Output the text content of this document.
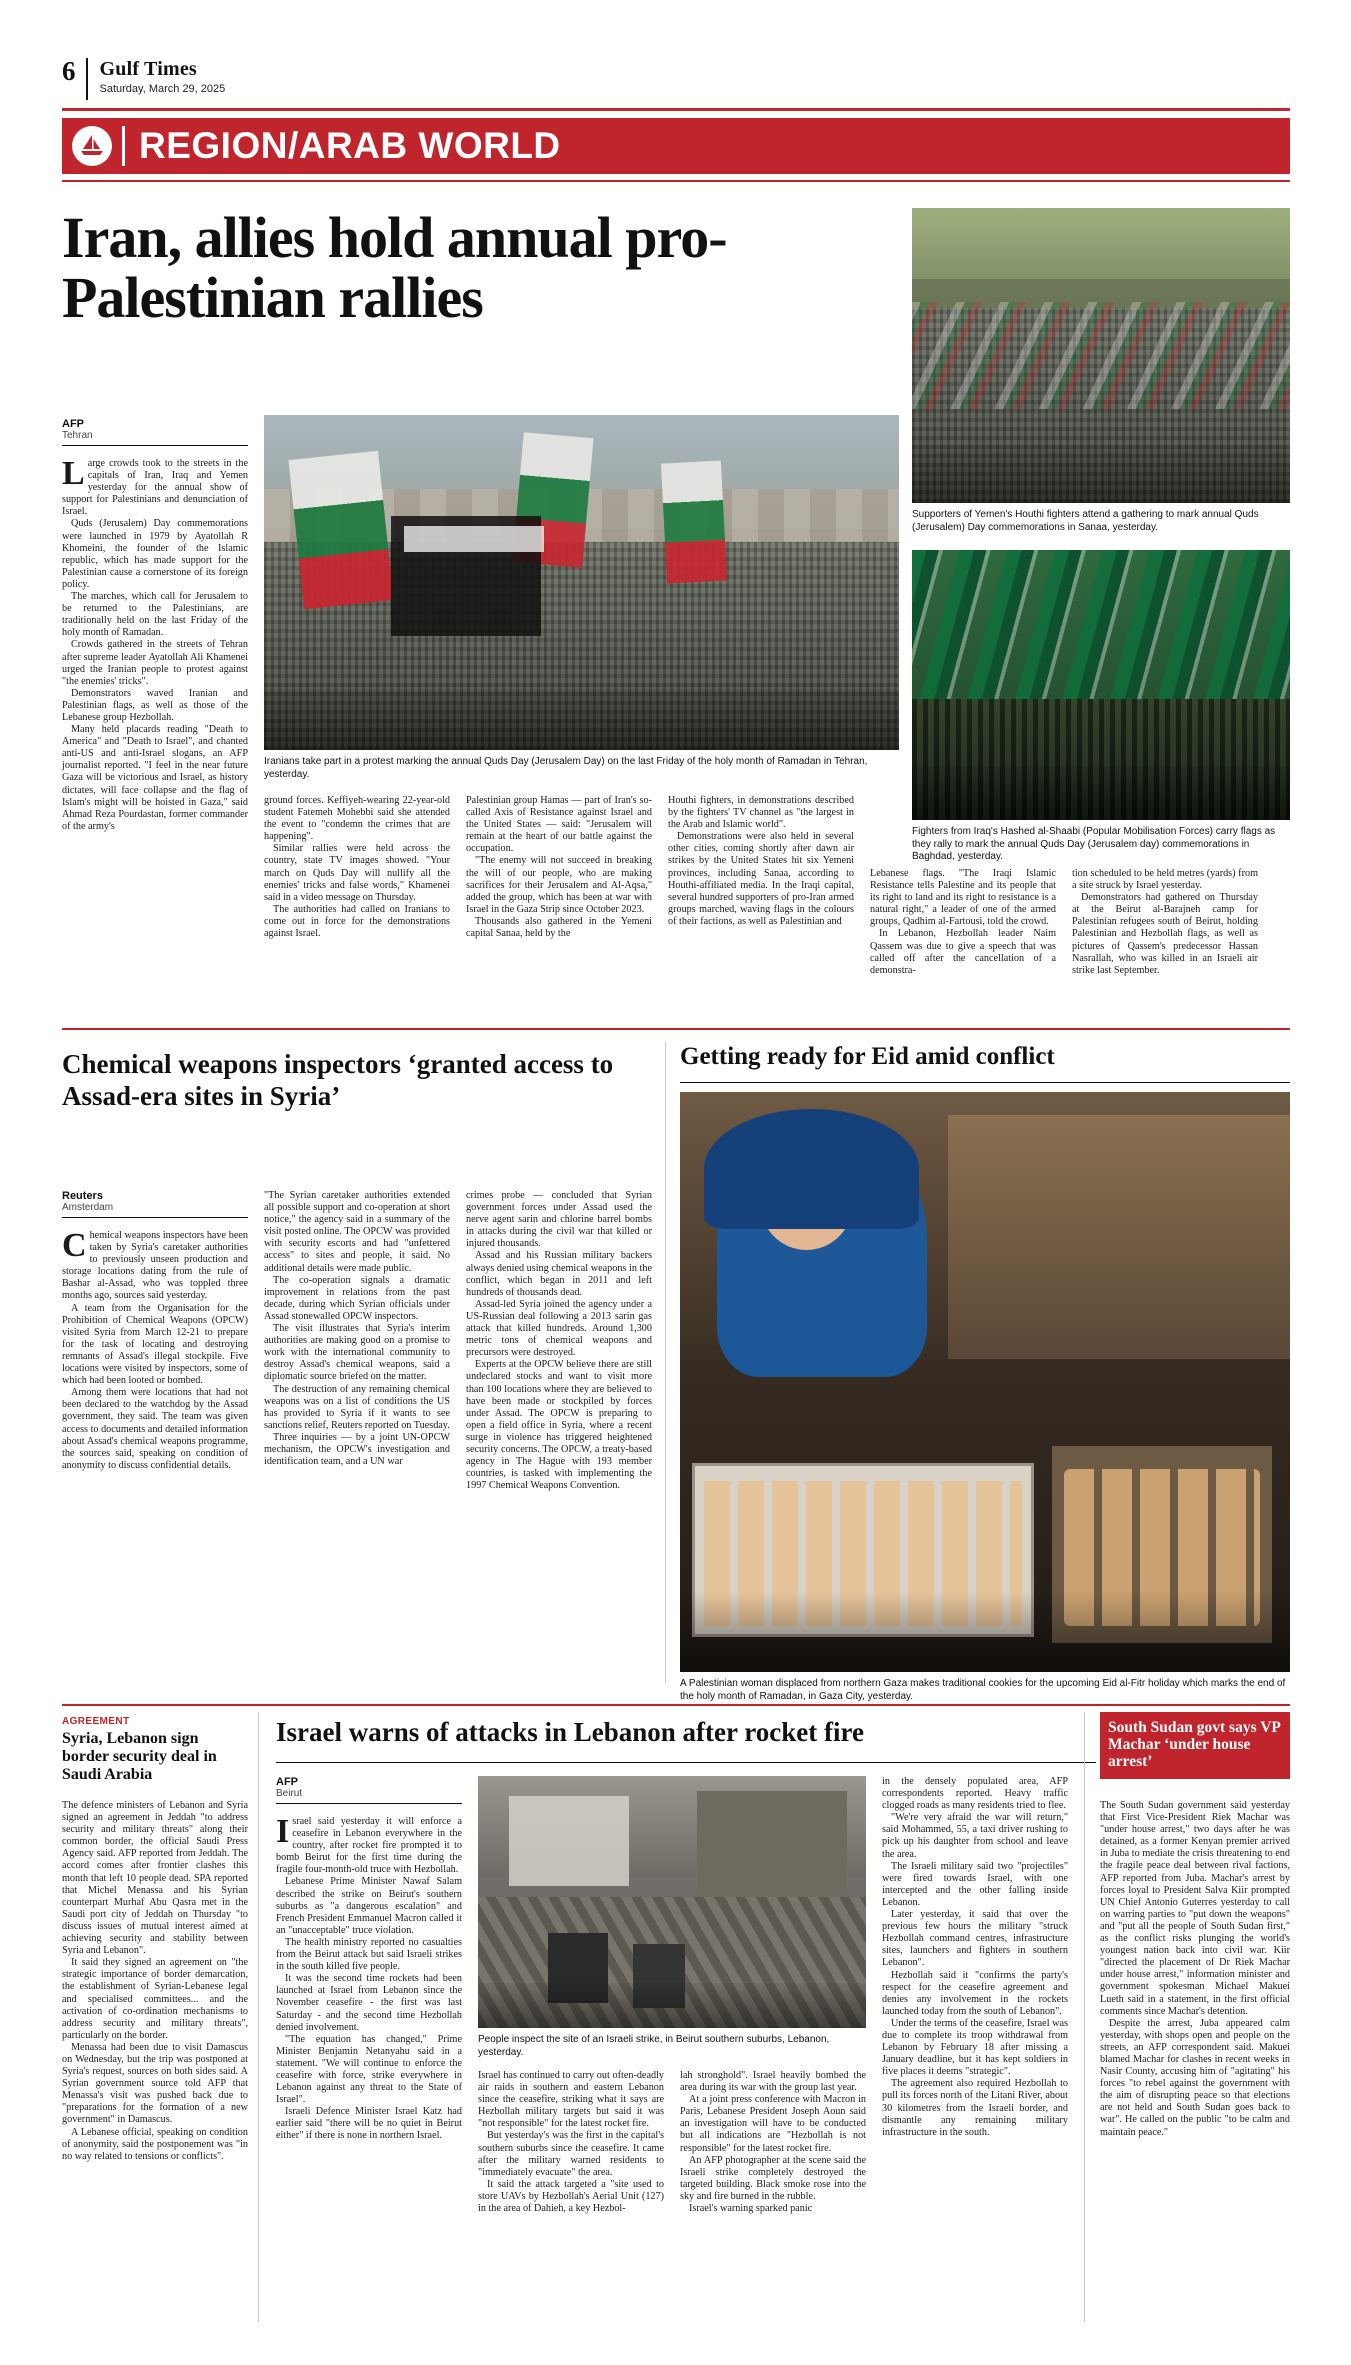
6	Gulf Times
Saturday, March 29, 2025
REGION/ARAB WORLD
Iran, allies hold annual pro-Palestinian rallies
Iranians take part in a protest marking the annual Quds Day (Jerusalem Day) on the last Friday of the holy month of Ramadan in Tehran, yesterday.
Supporters of Yemen's Houthi fighters attend a gathering to mark annual Quds (Jerusalem) Day commemorations in Sanaa, yesterday.
Fighters from Iraq's Hashed al-Shaabi (Popular Mobilisation Forces) carry flags as they rally to mark the annual Quds Day (Jerusalem day) commemorations in Baghdad, yesterday.
AFP
Tehran

Large crowds took to the streets in the capitals of Iran, Iraq and Yemen yesterday for the annual show of support for Palestinians and denunciation of Israel.

Quds (Jerusalem) Day commemorations were launched in 1979 by Ayatollah R Khomeini, the founder of the Islamic republic, which has made support for the Palestinian cause a cornerstone of its foreign policy.

The marches, which call for Jerusalem to be returned to the Palestinians, are traditionally held on the last Friday of the holy month of Ramadan.

Crowds gathered in the streets of Tehran after supreme leader Ayatollah Ali Khamenei urged the Iranian people to protest against "the enemies' tricks".

Demonstrators waved Iranian and Palestinian flags, as well as those of the Lebanese group Hezbollah.

Many held placards reading "Death to America" and "Death to Israel", and chanted anti-US and anti-Israel slogans, an AFP journalist reported. "I feel in the near future Gaza will be victorious and Israel, as history dictates, will face collapse and the flag of Islam's might will be hoisted in Gaza," said Ahmad Reza Pourdastan, former commander of the army's

ground forces. Keffiyeh-wearing 22-year-old student Fatemeh Mohebbi said she attended the event to "condemn the crimes that are happening".

Similar rallies were held across the country, state TV images showed. "Your march on Quds Day will nullify all the enemies' tricks and false words," Khamenei said in a video message on Thursday.

The authorities had called on Iranians to come out in force for the demonstrations against Israel.

Palestinian group Hamas — part of Iran's so-called Axis of Resistance against Israel and the United States — said: "Jerusalem will remain at the heart of our battle against the occupation.

"The enemy will not succeed in breaking the will of our people, who are making sacrifices for their Jerusalem and Al-Aqsa," added the group, which has been at war with Israel in the Gaza Strip since October 2023.

Thousands also gathered in the Yemeni capital Sanaa, held by the

Houthi fighters, in demonstrations described by the fighters' TV channel as "the largest in the Arab and Islamic world".

Demonstrations were also held in several other cities, coming shortly after dawn air strikes by the United States hit six Yemeni provinces, including Sanaa, according to Houthi-affiliated media. In the Iraqi capital, several hundred supporters of pro-Iran armed groups marched, waving flags in the colours of their factions, as well as Palestinian and

Lebanese flags. "The Iraqi Islamic Resistance tells Palestine and its people that its right to land and its right to resistance is a natural right," a leader of one of the armed groups, Qadhim al-Fartousi, told the crowd.

In Lebanon, Hezbollah leader Naim Qassem was due to give a speech that was called off after the cancellation of a demonstra-

tion scheduled to be held metres (yards) from a site struck by Israel yesterday.

Demonstrators had gathered on Thursday at the Beirut al-Barajneh camp for Palestinian refugees south of Beirut, holding Palestinian and Hezbollah flags, as well as pictures of Qassem's predecessor Hassan Nasrallah, who was killed in an Israeli air strike last September.

Chemical weapons inspectors ‘granted access to Assad-era sites in Syria’
Reuters
Amsterdam

Chemical weapons inspectors have been taken by Syria's caretaker authorities to previously unseen production and storage locations dating from the rule of Bashar al-Assad, who was toppled three months ago, sources said yesterday.

A team from the Organisation for the Prohibition of Chemical Weapons (OPCW) visited Syria from March 12-21 to prepare for the task of locating and destroying remnants of Assad's illegal stockpile. Five locations were visited by inspectors, some of which had been looted or bombed.

Among them were locations that had not been declared to the watchdog by the Assad government, they said. The team was given access to documents and detailed information about Assad's chemical weapons programme, the sources said, speaking on condition of anonymity to discuss confidential details.

"The Syrian caretaker authorities extended all possible support and co-operation at short notice," the agency said in a summary of the visit posted online. The OPCW was provided with security escorts and had "unfettered access" to sites and people, it said. No additional details were made public.

The co-operation signals a dramatic improvement in relations from the past decade, during which Syrian officials under Assad stonewalled OPCW inspectors.

The visit illustrates that Syria's interim authorities are making good on a promise to work with the international community to destroy Assad's chemical weapons, said a diplomatic source briefed on the matter.

The destruction of any remaining chemical weapons was on a list of conditions the US has provided to Syria if it wants to see sanctions relief, Reuters reported on Tuesday.

Three inquiries — by a joint UN-OPCW mechanism, the OPCW's investigation and identification team, and a UN war

crimes probe — concluded that Syrian government forces under Assad used the nerve agent sarin and chlorine barrel bombs in attacks during the civil war that killed or injured thousands.

Assad and his Russian military backers always denied using chemical weapons in the conflict, which began in 2011 and left hundreds of thousands dead.

Assad-led Syria joined the agency under a US-Russian deal following a 2013 sarin gas attack that killed hundreds. Around 1,300 metric tons of chemical weapons and precursors were destroyed.

Experts at the OPCW believe there are still undeclared stocks and want to visit more than 100 locations where they are believed to have been made or stockpiled by forces under Assad. The OPCW is preparing to open a field office in Syria, where a recent surge in violence has triggered heightened security concerns. The OPCW, a treaty-based agency in The Hague with 193 member countries, is tasked with implementing the 1997 Chemical Weapons Convention.

Getting ready for Eid amid conflict
A Palestinian woman displaced from northern Gaza makes traditional cookies for the upcoming Eid al-Fitr holiday which marks the end of the holy month of Ramadan, in Gaza City, yesterday.
AGREEMENT
Syria, Lebanon sign border security deal in Saudi Arabia

The defence ministers of Lebanon and Syria signed an agreement in Jeddah "to address security and military threats" along their common border, the official Saudi Press Agency said. AFP reported from Jeddah. The accord comes after frontier clashes this month that left 10 people dead. SPA reported that Michel Menassa and his Syrian counterpart Murhaf Abu Qasra met in the Saudi port city of Jeddah on Thursday "to discuss issues of mutual interest aimed at achieving security and stability between Syria and Lebanon".

It said they signed an agreement on "the strategic importance of border demarcation, the establishment of Syrian-Lebanese legal and specialised committees... and the activation of co-ordination mechanisms to address security and military threats", particularly on the border.

Menassa had been due to visit Damascus on Wednesday, but the trip was postponed at Syria's request, sources on both sides said. A Syrian government source told AFP that Menassa's visit was pushed back due to "preparations for the formation of a new government" in Damascus.

A Lebanese official, speaking on condition of anonymity, said the postponement was "in no way related to tensions or conflicts".

Israel warns of attacks in Lebanon after rocket fire
AFP
Beirut

Israel said yesterday it will enforce a ceasefire in Lebanon everywhere in the country, after rocket fire prompted it to bomb Beirut for the first time during the fragile four-month-old truce with Hezbollah.

Lebanese Prime Minister Nawaf Salam described the strike on Beirut's southern suburbs as "a dangerous escalation" and French President Emmanuel Macron called it an "unacceptable" truce violation.

The health ministry reported no casualties from the Beirut attack but said Israeli strikes in the south killed five people.

It was the second time rockets had been launched at Israel from Lebanon since the November ceasefire - the first was last Saturday - and the second time Hezbollah denied involvement.

"The equation has changed," Prime Minister Benjamin Netanyahu said in a statement. "We will continue to enforce the ceasefire with force, strike everywhere in Lebanon against any threat to the State of Israel".

Israeli Defence Minister Israel Katz had earlier said "there will be no quiet in Beirut either" if there is none in northern Israel.

People inspect the site of an Israeli strike, in Beirut southern suburbs, Lebanon, yesterday.

Israel has continued to carry out often-deadly air raids in southern and eastern Lebanon since the ceasefire, striking what it says are Hezbollah military targets but said it was "not responsible" for the latest rocket fire.

But yesterday's was the first in the capital's southern suburbs since the ceasefire. It came after the military warned residents to "immediately evacuate" the area.

It said the attack targeted a "site used to store UAVs by Hezbollah's Aerial Unit (127) in the area of Dahieh, a key Hezbol-

lah stronghold". Israel heavily bombed the area during its war with the group last year.

At a joint press conference with Macron in Paris, Lebanese President Joseph Aoun said an investigation will have to be conducted but all indications are "Hezbollah is not responsible" for the latest rocket fire.

An AFP photographer at the scene said the Israeli strike completely destroyed the targeted building. Black smoke rose into the sky and fire burned in the rubble.

Israel's warning sparked panic

in the densely populated area, AFP correspondents reported. Heavy traffic clogged roads as many residents tried to flee.

"We're very afraid the war will return," said Mohammed, 55, a taxi driver rushing to pick up his daughter from school and leave the area.

The Israeli military said two "projectiles" were fired towards Israel, with one intercepted and the other falling inside Lebanon.

Later yesterday, it said that over the previous few hours the military "struck Hezbollah command centres, infrastructure sites, launchers and fighters in southern Lebanon".

Hezbollah said it "confirms the party's respect for the ceasefire agreement and denies any involvement in the rockets launched today from the south of Lebanon".

Under the terms of the ceasefire, Israel was due to complete its troop withdrawal from Lebanon by February 18 after missing a January deadline, but it has kept soldiers in five places it deems "strategic".

The agreement also required Hezbollah to pull its forces north of the Litani River, about 30 kilometres from the Israeli border, and dismantle any remaining military infrastructure in the south.

South Sudan govt says VP Machar ‘under house arrest’

The South Sudan government said yesterday that First Vice-President Riek Machar was "under house arrest," two days after he was detained, as a former Kenyan premier arrived in Juba to mediate the crisis threatening to end the fragile peace deal between rival factions, AFP reported from Juba. Machar's arrest by forces loyal to President Salva Kiir prompted UN Chief Antonio Guterres yesterday to call on warring parties to "put down the weapons" and "put all the people of South Sudan first," as the conflict risks plunging the world's youngest nation back into civil war. Kiir "directed the placement of Dr Riek Machar under house arrest," information minister and government spokesman Michael Makuei Lueth said in a statement, in the first official comments since Machar's detention.

Despite the arrest, Juba appeared calm yesterday, with shops open and people on the streets, an AFP correspondent said. Makuei blamed Machar for clashes in recent weeks in Nasir County, accusing him of "agitating" his forces "to rebel against the government with the aim of disrupting peace so that elections are not held and South Sudan goes back to war". He called on the public "to be calm and maintain peace."
